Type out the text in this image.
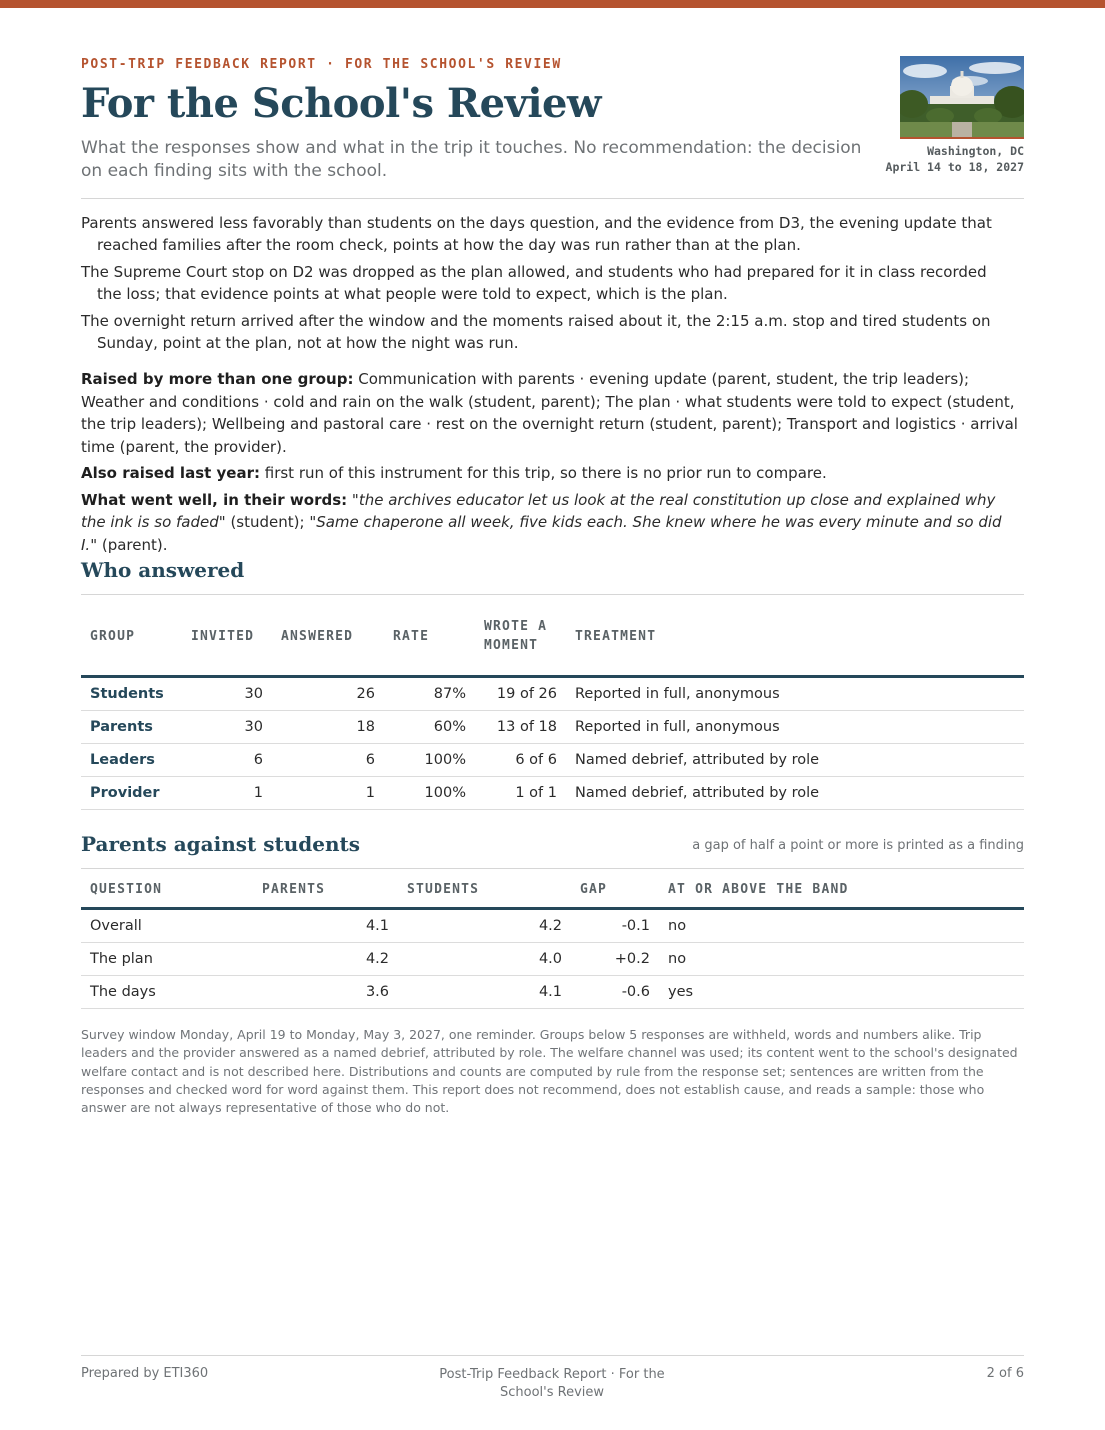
POST-TRIP FEEDBACK REPORT · FOR THE SCHOOL'S REVIEW
For the School's Review

What the responses show and what in the trip it touches. No recommendation: the decision on each finding sits with the school.

Washington, DC
April 14 to 18, 2027

Parents answered less favorably than students on the days question, and the evidence from D3, the evening update that reached families after the room check, points at how the day was run rather than at the plan.

The Supreme Court stop on D2 was dropped as the plan allowed, and students who had prepared for it in class recorded the loss; that evidence points at what people were told to expect, which is the plan.

The overnight return arrived after the window and the moments raised about it, the 2:15 a.m. stop and tired students on Sunday, point at the plan, not at how the night was run.

Raised by more than one group: Communication with parents · evening update (parent, student, the trip leaders); Weather and conditions · cold and rain on the walk (student, parent); The plan · what students were told to expect (student, the trip leaders); Wellbeing and pastoral care · rest on the overnight return (student, parent); Transport and logistics · arrival time (parent, the provider).

Also raised last year: first run of this instrument for this trip, so there is no prior run to compare.

What went well, in their words: "the archives educator let us look at the real constitution up close and explained why the ink is so faded" (student); "Same chaperone all week, five kids each. She knew where he was every minute and so did I." (parent).

Who answered
GROUP	INVITED	ANSWERED	RATE	WROTE A MOMENT	TREATMENT
Students	30	26	87%	19 of 26	Reported in full, anonymous
Parents	30	18	60%	13 of 18	Reported in full, anonymous
Leaders	6	6	100%	6 of 6	Named debrief, attributed by role
Provider	1	1	100%	1 of 1	Named debrief, attributed by role
Parents against students	a gap of half a point or more is printed as a finding
QUESTION	PARENTS	STUDENTS	GAP	AT OR ABOVE THE BAND
Overall	4.1	4.2	-0.1	no
The plan	4.2	4.0	+0.2	no
The days	3.6	4.1	-0.6	yes

Survey window Monday, April 19 to Monday, May 3, 2027, one reminder. Groups below 5 responses are withheld, words and numbers alike. Trip leaders and the provider answered as a named debrief, attributed by role. The welfare channel was used; its content went to the school's designated welfare contact and is not described here. Distributions and counts are computed by rule from the response set; sentences are written from the responses and checked word for word against them. This report does not recommend, does not establish cause, and reads a sample: those who answer are not always representative of those who do not.

Prepared by ETI360	Post-Trip Feedback Report · For the School's Review
2 of 6
